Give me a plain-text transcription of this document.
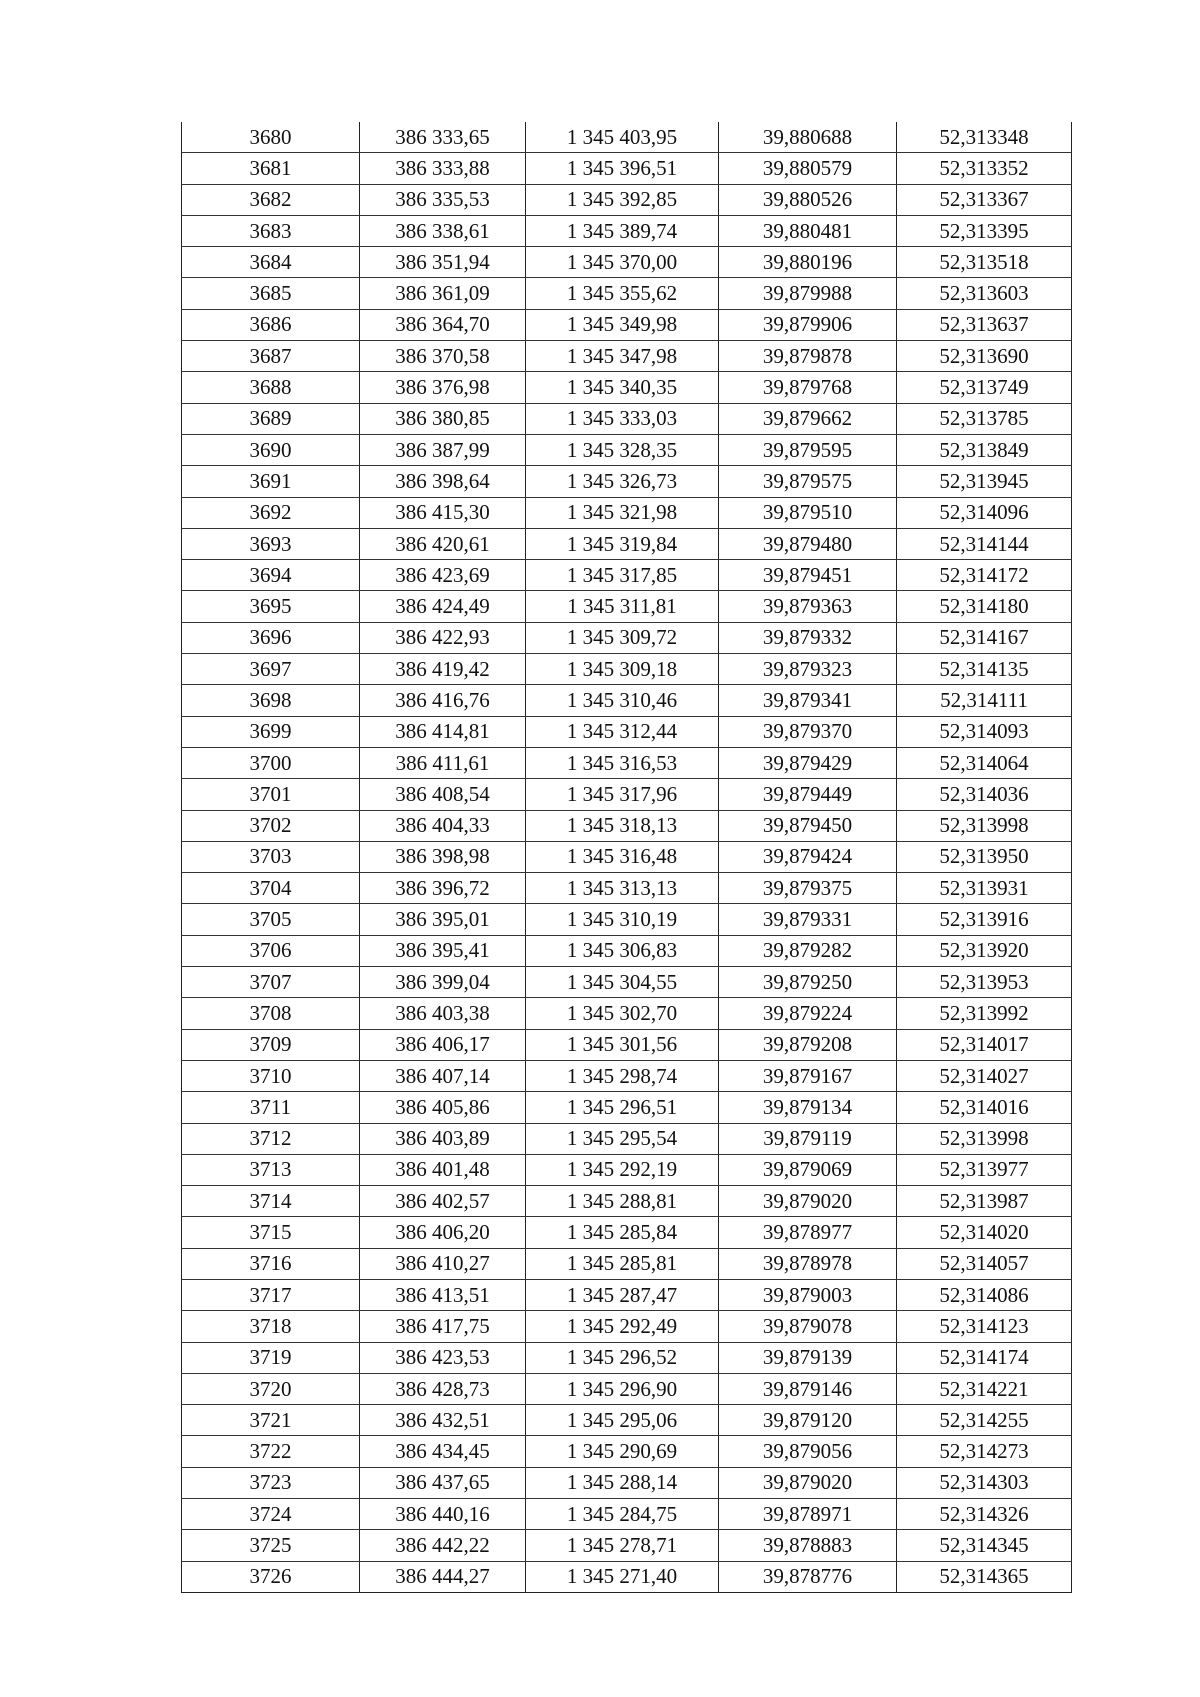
3680	386 333,65	1 345 403,95	39,880688	52,313348
3681	386 333,88	1 345 396,51	39,880579	52,313352
3682	386 335,53	1 345 392,85	39,880526	52,313367
3683	386 338,61	1 345 389,74	39,880481	52,313395
3684	386 351,94	1 345 370,00	39,880196	52,313518
3685	386 361,09	1 345 355,62	39,879988	52,313603
3686	386 364,70	1 345 349,98	39,879906	52,313637
3687	386 370,58	1 345 347,98	39,879878	52,313690
3688	386 376,98	1 345 340,35	39,879768	52,313749
3689	386 380,85	1 345 333,03	39,879662	52,313785
3690	386 387,99	1 345 328,35	39,879595	52,313849
3691	386 398,64	1 345 326,73	39,879575	52,313945
3692	386 415,30	1 345 321,98	39,879510	52,314096
3693	386 420,61	1 345 319,84	39,879480	52,314144
3694	386 423,69	1 345 317,85	39,879451	52,314172
3695	386 424,49	1 345 311,81	39,879363	52,314180
3696	386 422,93	1 345 309,72	39,879332	52,314167
3697	386 419,42	1 345 309,18	39,879323	52,314135
3698	386 416,76	1 345 310,46	39,879341	52,314111
3699	386 414,81	1 345 312,44	39,879370	52,314093
3700	386 411,61	1 345 316,53	39,879429	52,314064
3701	386 408,54	1 345 317,96	39,879449	52,314036
3702	386 404,33	1 345 318,13	39,879450	52,313998
3703	386 398,98	1 345 316,48	39,879424	52,313950
3704	386 396,72	1 345 313,13	39,879375	52,313931
3705	386 395,01	1 345 310,19	39,879331	52,313916
3706	386 395,41	1 345 306,83	39,879282	52,313920
3707	386 399,04	1 345 304,55	39,879250	52,313953
3708	386 403,38	1 345 302,70	39,879224	52,313992
3709	386 406,17	1 345 301,56	39,879208	52,314017
3710	386 407,14	1 345 298,74	39,879167	52,314027
3711	386 405,86	1 345 296,51	39,879134	52,314016
3712	386 403,89	1 345 295,54	39,879119	52,313998
3713	386 401,48	1 345 292,19	39,879069	52,313977
3714	386 402,57	1 345 288,81	39,879020	52,313987
3715	386 406,20	1 345 285,84	39,878977	52,314020
3716	386 410,27	1 345 285,81	39,878978	52,314057
3717	386 413,51	1 345 287,47	39,879003	52,314086
3718	386 417,75	1 345 292,49	39,879078	52,314123
3719	386 423,53	1 345 296,52	39,879139	52,314174
3720	386 428,73	1 345 296,90	39,879146	52,314221
3721	386 432,51	1 345 295,06	39,879120	52,314255
3722	386 434,45	1 345 290,69	39,879056	52,314273
3723	386 437,65	1 345 288,14	39,879020	52,314303
3724	386 440,16	1 345 284,75	39,878971	52,314326
3725	386 442,22	1 345 278,71	39,878883	52,314345
3726	386 444,27	1 345 271,40	39,878776	52,314365
